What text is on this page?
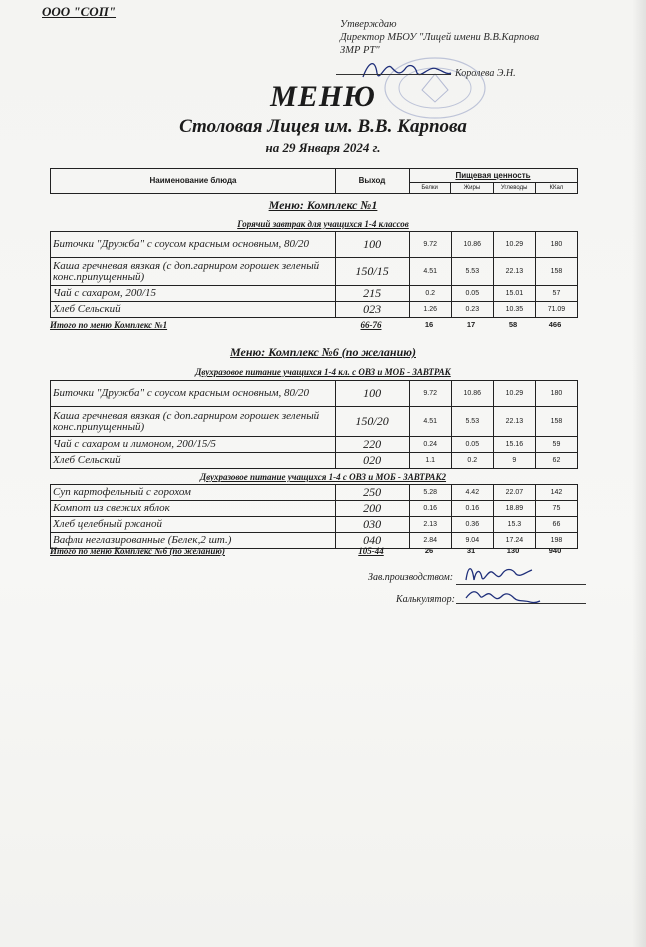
ООО "СОП"
Утверждаю
Директор МБОУ "Лицей имени В.В.Карпова ЗМР РТ"
Королева Э.Н.
МЕНЮ
Столовая Лицея им. В.В. Карпова
на 29 Января 2024 г.
Наименование блюда	Выход
Пищевая ценность
Белки	Жиры	Углеводы	ККал
Меню: Комплекс №1
Горячий завтрак для учащихся 1-4 классов
Биточки "Дружба" с соусом красным основным, 80/20	100	9.72	10.86	10.29	180
Каша гречневая вязкая (с доп.гарниром горошек зеленый конс.припущенный)	150/15	4.51	5.53	22.13	158
Чай с сахаром, 200/15	215	0.2	0.05	15.01	57
Хлеб Сельский	023	1.26	0.23	10.35	71.09
Итого по меню Комплекс №1	66-76	16	17	58	466
Меню: Комплекс №6 (по желанию)
Двухразовое питание учащихся 1-4 кл. с ОВЗ и МОБ - ЗАВТРАК
Биточки "Дружба" с соусом красным основным, 80/20	100	9.72	10.86	10.29	180
Каша гречневая вязкая (с доп.гарниром горошек зеленый конс.припущенный)	150/20	4.51	5.53	22.13	158
Чай с сахаром и лимоном, 200/15/5	220	0.24	0.05	15.16	59
Хлеб Сельский	020	1.1	0.2	9	62
Двухразовое питание учащихся 1-4 с ОВЗ и МОБ - ЗАВТРАК2
Суп картофельный с горохом	250	5.28	4.42	22.07	142
Компот из свежих яблок	200	0.16	0.16	18.89	75
Хлеб целебный ржаной	030	2.13	0.36	15.3	66
Вафли неглазированные (Белек,2 шт.)	040	2.84	9.04	17.24	198
Итого по меню Комплекс №6 (по желанию)	105-44	26	31	130	940
Зав.производством:
Калькулятор:
